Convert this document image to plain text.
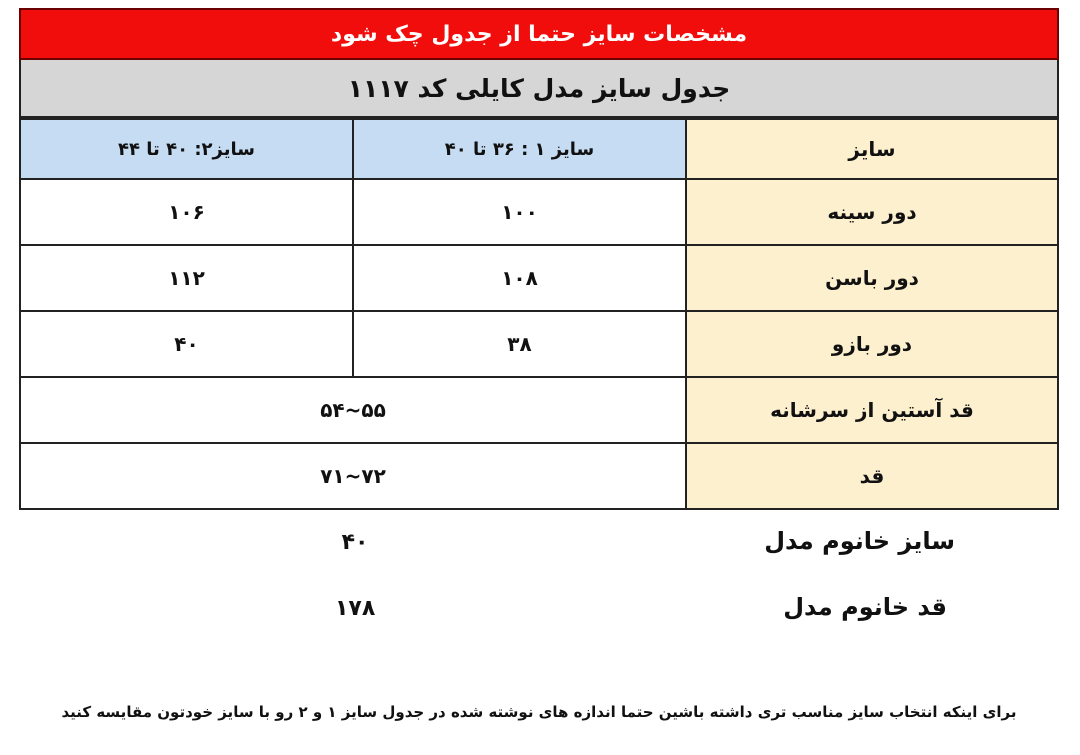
مشخصات سایز حتما از جدول چک شود
جدول سایز مدل کایلی کد ۱۱۱۷
سایز	سایز ۱ : ۳۶ تا ۴۰	سایز۲: ۴۰ تا ۴۴
دور سینه	۱۰۰	۱۰۶
دور باسن	۱۰۸	۱۱۲
دور بازو	۳۸	۴۰
قد آستین از سرشانه	۵۵~۵۴	
قد	۷۲~۷۱	
سایز خانوم مدل
۴۰
قد خانوم مدل
۱۷۸
برای اینکه انتخاب سایز مناسب تری داشته باشین حتما اندازه های نوشته شده در جدول سایز ۱ و ۲ رو با سایز خودتون مقایسه کنید
